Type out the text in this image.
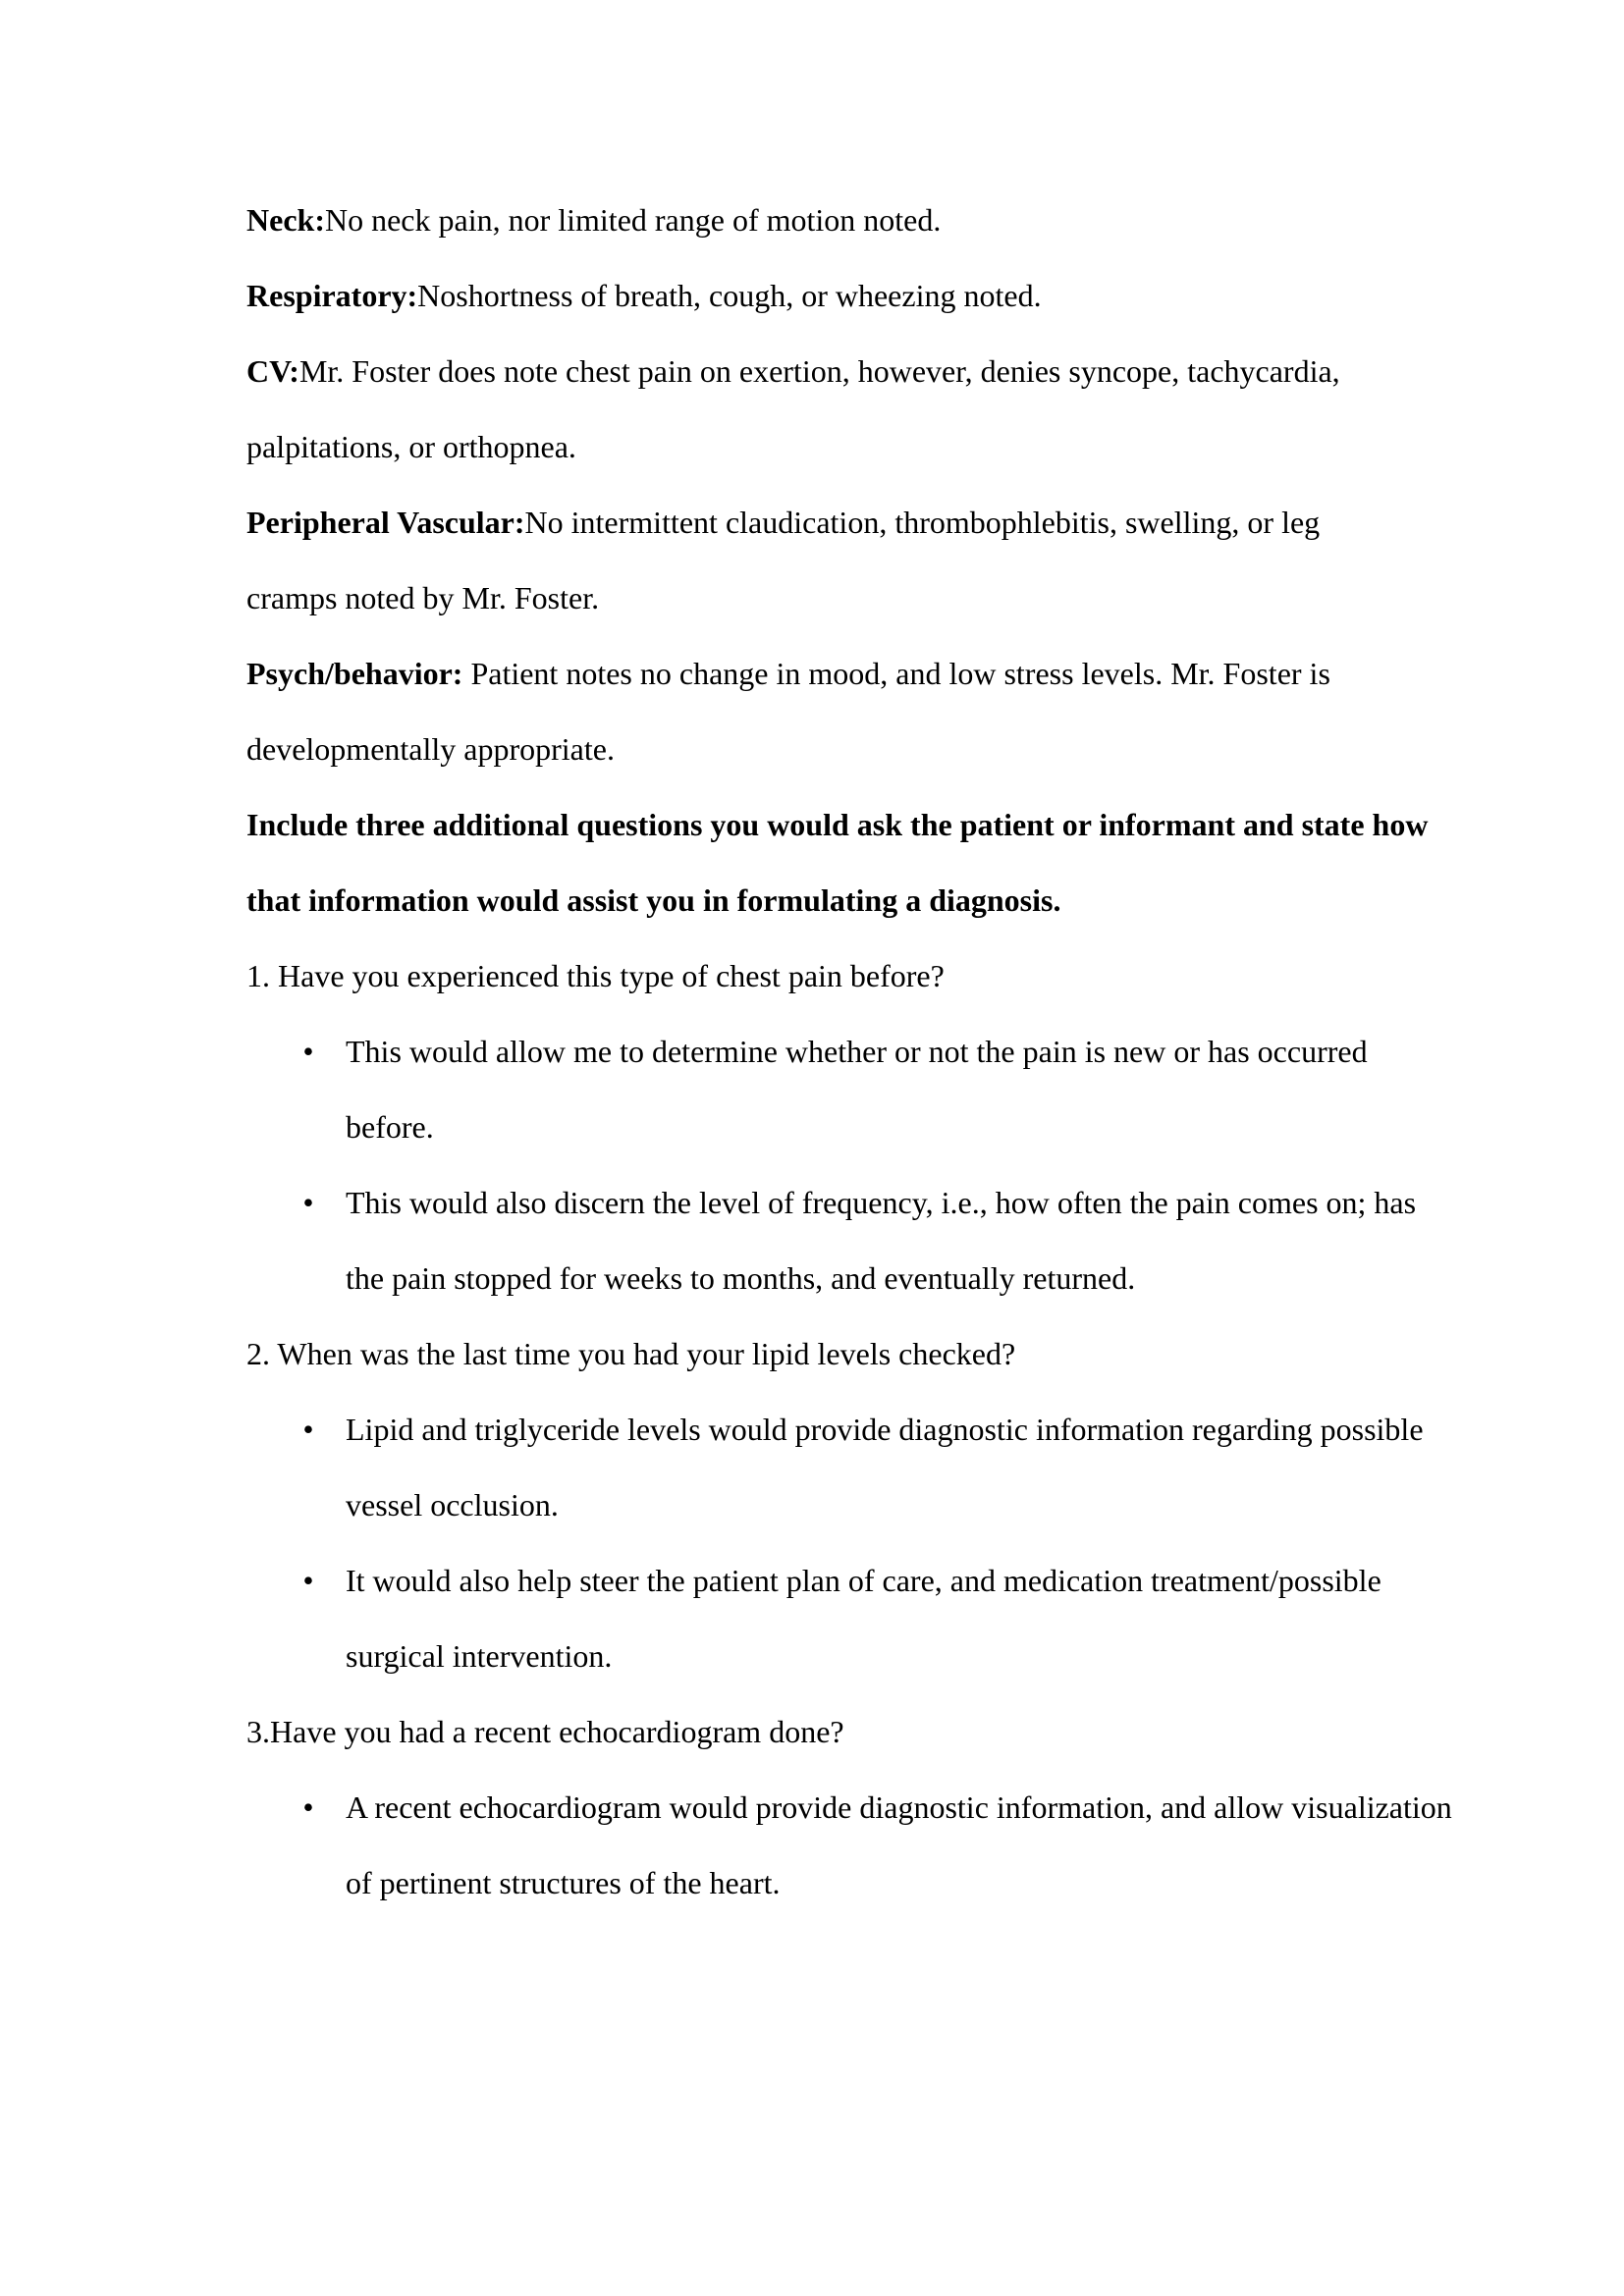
Neck:No neck pain, nor limited range of motion noted.

Respiratory:Noshortness of breath, cough, or wheezing noted.

CV:Mr. Foster does note chest pain on exertion, however, denies syncope, tachycardia, palpitations, or orthopnea.

Peripheral Vascular:No intermittent claudication, thrombophlebitis, swelling, or leg cramps noted by Mr. Foster.

Psych/behavior: Patient notes no change in mood, and low stress levels. Mr. Foster is developmentally appropriate.

Include three additional questions you would ask the patient or informant and state how that information would assist you in formulating a diagnosis.

1. Have you experienced this type of chest pain before?

• This would allow me to determine whether or not the pain is new or has occurred before.

• This would also discern the level of frequency, i.e., how often the pain comes on; has the pain stopped for weeks to months, and eventually returned.

2. When was the last time you had your lipid levels checked?

• Lipid and triglyceride levels would provide diagnostic information regarding possible vessel occlusion.

• It would also help steer the patient plan of care, and medication treatment/possible surgical intervention.

3.Have you had a recent echocardiogram done?

• A recent echocardiogram would provide diagnostic information, and allow visualization of pertinent structures of the heart.
